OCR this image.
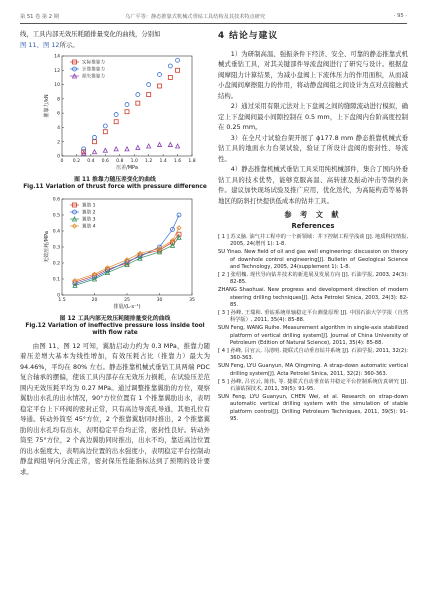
第 51 卷 第 2 期	乌广平等：静态推靠式机械式垂钻工具结构及其技术特点研究	· 95 ·

线，工具内部无效压耗随排量变化的曲线，分别如

图 11、图 12所示。

0 0.2 0.4 0.6 0.8 1.0 1.2 1.4 1.6 1.8
0
2
4
6
8
10
12
14
压差/MPa
推靠力/kN
实际推靠力
计算推靠力
损失推靠力

图 11 推靠力随压差变化的曲线

Fig.11 Variation of thrust force with pressure difference

1.5	20	25	30	35
0
0.1
0.2
0.3
0.4
0.5
0.6
排量/(L·s⁻¹)
无效压耗/MPa
翼肋 1
翼肋 2
翼肋 3
翼肋 4

图 12 工具内部无效压耗随排量变化的曲线

Fig.12 Variation of ineffective pressure loss inside tool with flow rate

由图 11、图 12 可知，翼肋启动力约为 0.3 MPa，推靠力随着压差增大基本为线性增加，有效压耗占比（推靠力）最大为 94.46%，平均在 80% 左右。静态推靠机械式垂钻工具两端 PDC 复合轴承的摆偏，使该工具内部存在无效压力损耗，在试验压差范围内无效压耗平均为 0.27 MPa。通过调整推靠翼肋的方位，观察翼肋出水孔的出水情况，90°方位位置有 1 个推靠翼肋出水，表明稳定平台上下环阀的密封正常，只有高边导流孔导通，其他孔位有导通。转动外筒至 45°方位，2 个推靠翼肋同时推出，2 个推靠翼肋的出水孔均有出水，表明稳定平台均正常，密封性良好。转动外筒至 75°方位，2 个高边翼肋同时推出，出水不均，靠近高边位置的出水强度大，表明高边位置的出水强度小，表明稳定平台控制动静盘阀组导向分流正常，密封保压性能指标达到了预期的设计要求。

4 结论与建议

1）为研制高温、强振条件下经济、安全、可靠的静态推靠式机械式垂钻工具，对其关键部件导流盘阀进行了研究与设计。根据盘阀摩阻力计算结果，为减小盘阀上下流体压力的作用面积，从而减小盘阀间摩擦阻力的作用，将动静盘阀组之间设计为点对点接触式结构。

2）通过采用有限元法对上下盘阀之间的缝隙流动进行模拟，确定上下盘阀间最小间隙控制在 0.5 mm，上下盘阀内台阶高度控制在 0.25 mm。

3）在全尺寸试验台架开展了 ϕ177.8 mm 静态推靠机械式垂钻工具的地面水力台架试验，验证了所设计盘阀的密封性、导流性。

4）静态推靠机械式垂钻工具采用纯机械部件，集合了国内外垂钻工具的技术优势，能够克服高温、高转速及振动冲击等制约条件。建议加快现场试验及推广应用，优化迭代，为高陡构造等易斜地区的防斜打快提供低成本的钻井工具。

参 考 文 献

References

[ 1 ] 苏义脑. 油气井工程中的一个新领域：井下控制工程学浅谈 [J]. 地质科技情报, 2005, 24(增刊 1): 1-8.

SU Yinao. New field of oil and gas well engineering: discussion on theory of downhole control engineering[J]. Bulletin of Geological Science and Technology, 2005, 24(supplement 1): 1-8.

[ 2 ] 张绍槐. 现代导向钻井技术的新进展及发展方向 [J]. 石油学报, 2003, 24(3): 82-85.

ZHANG Shaohuai. New progress and development direction of modern steering drilling techniques[J]. Acta Petrolei Sinica, 2003, 24(3): 82-85.

[ 3 ] 孙峰, 王瑞和. 垂钻系统单轴稳定平台测量原理 [J]. 中国石油大学学报（自然科学版）, 2011, 35(4): 85-88.

SUN Feng, WANG Ruihe. Measurement algorithm in single-axis stabilized platform of vertical drilling system[J]. Journal of China University of Petroleum (Edition of Natural Science), 2011, 35(4): 85-88.

[ 4 ] 孙峰, 吕官云, 马清明. 捷联式自动垂直钻井系统 [J]. 石油学报, 2011, 32(2): 360-363.

SUN Feng, LYU Guanyun, MA Qingming. A strap-down automatic vertical drilling system[J]. Acta Petrolei Sinica, 2011, 32(2): 360-363.

[ 5 ] 孙峰, 吕官云, 陈伟, 等. 捷联式自动垂直钻井稳定平台控制系统仿真研究 [J]. 石油钻探技术, 2011, 39(5): 91-95.

SUN Feng, LYU Guanyun, CHEN Wei, et al. Research on strap-down automatic vertical drilling system with the simulation of stable platform control[J]. Drilling Petroleum Techniques, 2011, 39(5): 91-95.
